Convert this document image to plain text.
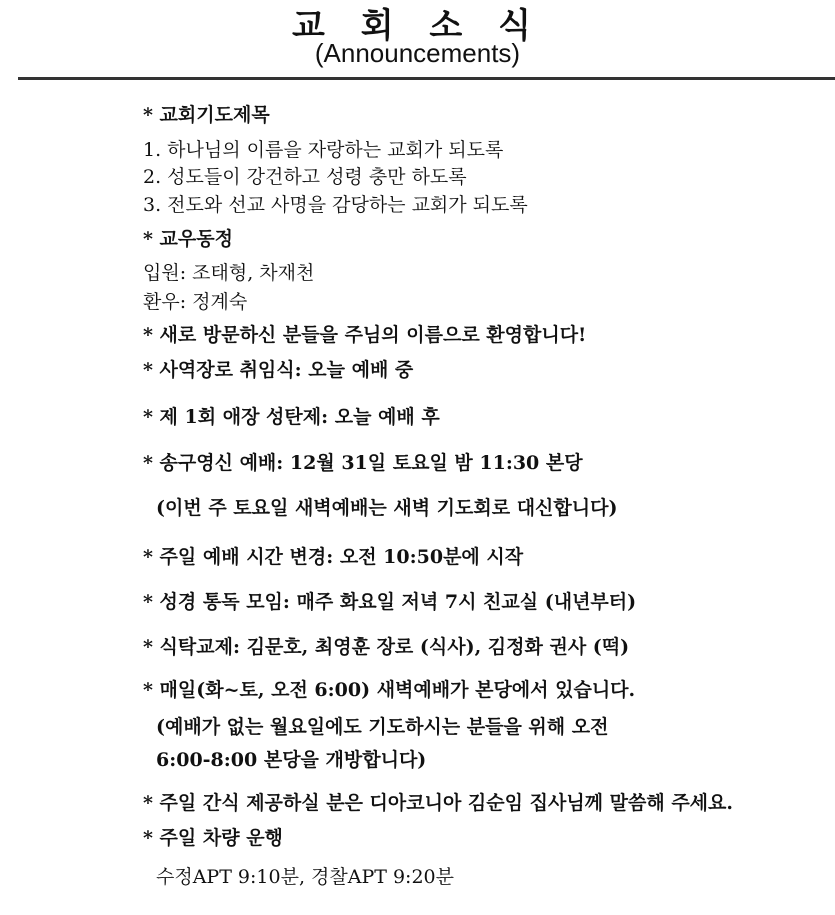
교 회 소 식
(Announcements)
* 교회기도제목
1. 하나님의 이름을 자랑하는 교회가 되도록
2. 성도들이 강건하고 성령 충만 하도록
3. 전도와 선교 사명을 감당하는 교회가 되도록
* 교우동정
입원: 조태형, 차재천
환우: 정계숙
* 새로 방문하신 분들을 주님의 이름으로 환영합니다!
* 사역장로 취임식: 오늘 예배 중
* 제 1회 애장 성탄제: 오늘 예배 후
* 송구영신 예배: 12월 31일 토요일 밤 11:30 본당
(이번 주 토요일 새벽예배는 새벽 기도회로 대신합니다)
* 주일 예배 시간 변경: 오전 10:50분에 시작
* 성경 통독 모임: 매주 화요일 저녁 7시 친교실 (내년부터)
* 식탁교제: 김문호, 최영훈 장로 (식사), 김정화 권사 (떡)
* 매일(화~토, 오전 6:00) 새벽예배가 본당에서 있습니다.
(예배가 없는 월요일에도 기도하시는 분들을 위해 오전
6:00-8:00 본당을 개방합니다)
* 주일 간식 제공하실 분은 디아코니아 김순임 집사님께 말씀해 주세요.
* 주일 차량 운행
수정APT 9:10분, 경찰APT 9:20분
